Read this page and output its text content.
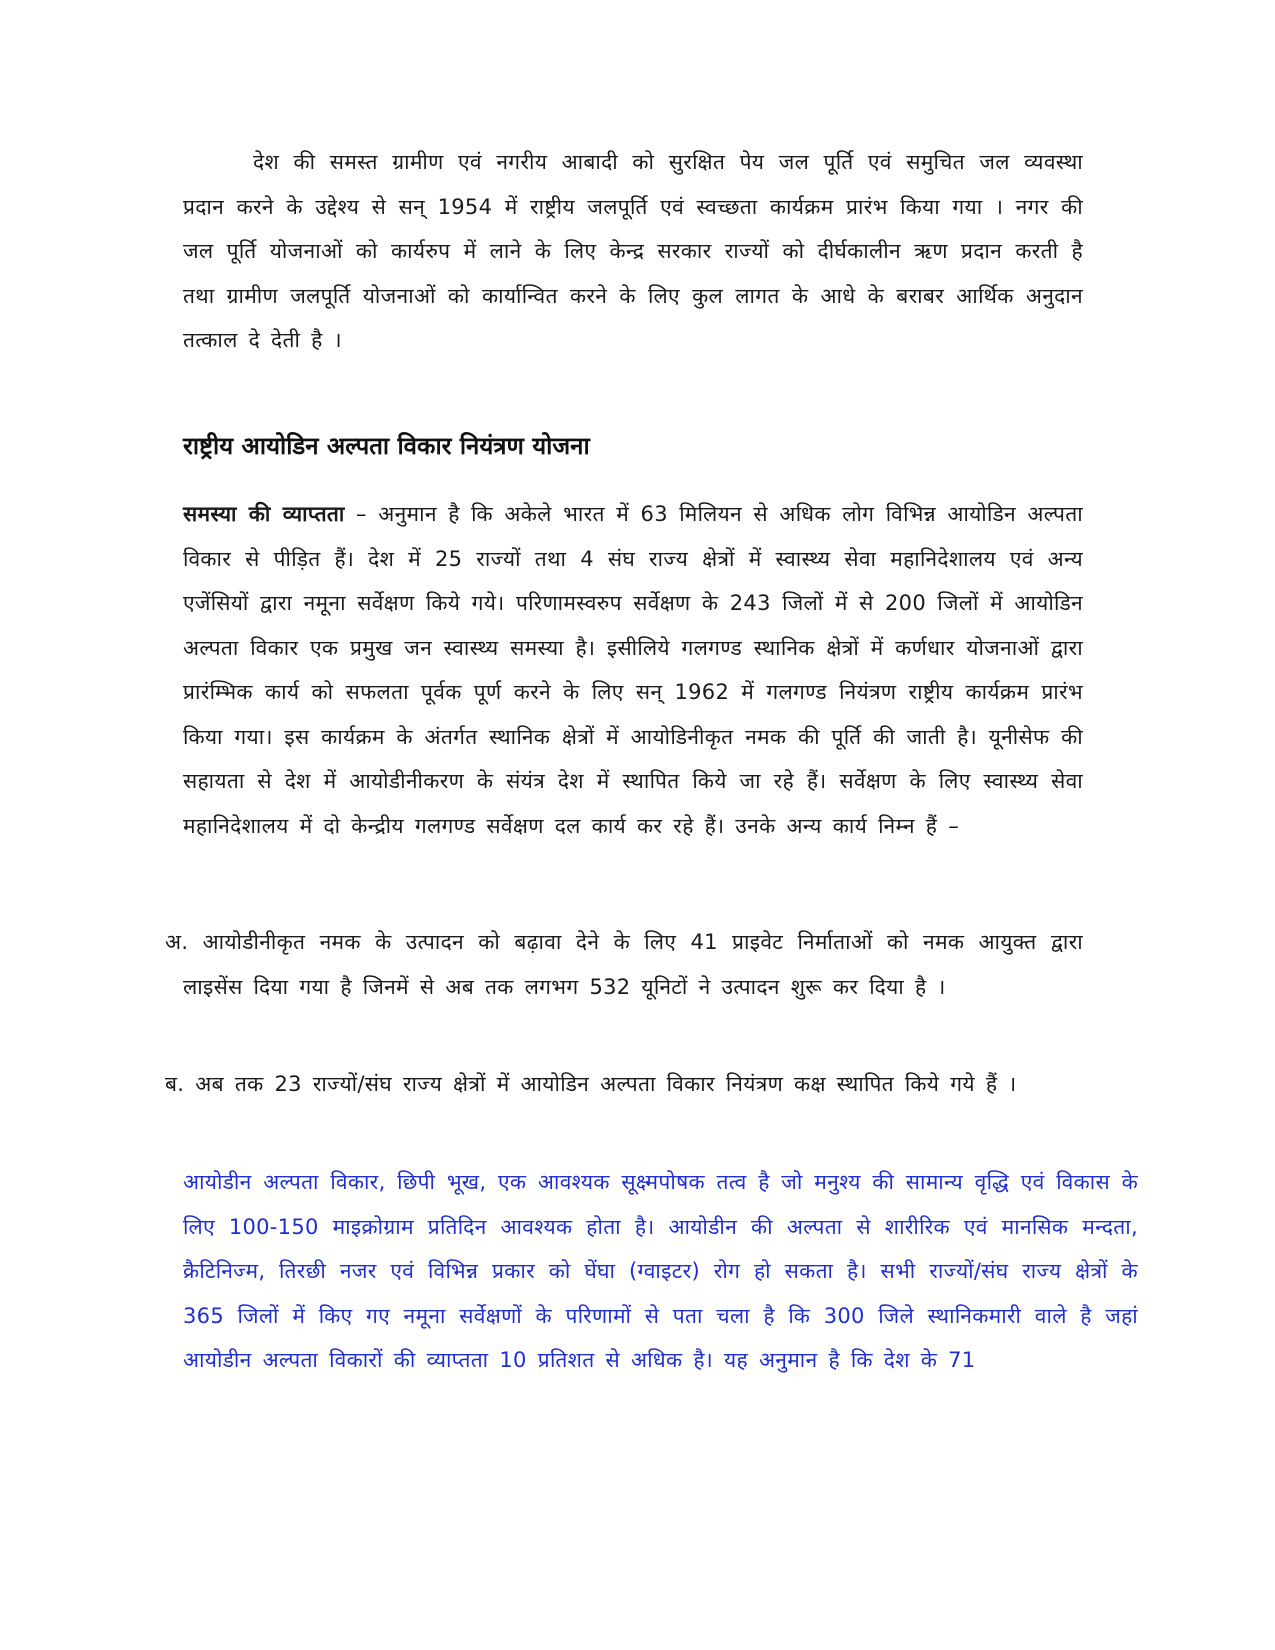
देश की समस्त ग्रामीण एवं नगरीय आबादी को सुरक्षित पेय जल पूर्ति एवं समुचित जल व्यवस्था प्रदान करने के उद्देश्य से सन् 1954 में राष्ट्रीय जलपूर्ति एवं स्वच्छता कार्यक्रम प्रारंभ किया गया । नगर की जल पूर्ति योजनाओं को कार्यरुप में लाने के लिए केन्द्र सरकार राज्यों को दीर्घकालीन ऋण प्रदान करती है तथा ग्रामीण जलपूर्ति योजनाओं को कार्यान्वित करने के लिए कुल लागत के आधे के बराबर आर्थिक अनुदान तत्काल दे देती है ।

राष्ट्रीय आयोडिन अल्पता विकार नियंत्रण योजना

समस्या की व्याप्तता – अनुमान है कि अकेले भारत में 63 मिलियन से अधिक लोग विभिन्न आयोडिन अल्पता विकार से पीड़ित हैं। देश में 25 राज्यों तथा 4 संघ राज्य क्षेत्रों में स्वास्थ्य सेवा महानिदेशालय एवं अन्य एजेंसियों द्वारा नमूना सर्वेक्षण किये गये। परिणामस्वरुप सर्वेक्षण के 243 जिलों में से 200 जिलों में आयोडिन अल्पता विकार एक प्रमुख जन स्वास्थ्य समस्या है। इसीलिये गलगण्ड स्थानिक क्षेत्रों में कर्णधार योजनाओं द्वारा प्रारंम्भिक कार्य को सफलता पूर्वक पूर्ण करने के लिए सन् 1962 में गलगण्ड नियंत्रण राष्ट्रीय कार्यक्रम प्रारंभ किया गया। इस कार्यक्रम के अंतर्गत स्थानिक क्षेत्रों में आयोडिनीकृत नमक की पूर्ति की जाती है। यूनीसेफ की सहायता से देश में आयोडीनीकरण के संयंत्र देश में स्थापित किये जा रहे हैं। सर्वेक्षण के लिए स्वास्थ्य सेवा महानिदेशालय में दो केन्द्रीय गलगण्ड सर्वेक्षण दल कार्य कर रहे हैं। उनके अन्य कार्य निम्न हैं –

अ. आयोडीनीकृत नमक के उत्पादन को बढ़ावा देने के लिए 41 प्राइवेट निर्माताओं को नमक आयुक्त द्वारा लाइसेंस दिया गया है जिनमें से अब तक लगभग 532 यूनिटों ने उत्पादन शुरू कर दिया है ।

ब. अब तक 23 राज्यों/संघ राज्य क्षेत्रों में आयोडिन अल्पता विकार नियंत्रण कक्ष स्थापित किये गये हैं ।

आयोडीन अल्पता विकार, छिपी भूख, एक आवश्यक सूक्ष्मपोषक तत्व है जो मनुश्य की सामान्य वृद्धि एवं विकास के लिए 100-150 माइक्रोग्राम प्रतिदिन आवश्यक होता है। आयोडीन की अल्पता से शारीरिक एवं मानसिक मन्दता, क्रैटिनिज्म, तिरछी नजर एवं विभिन्न प्रकार को घेंघा (ग्वाइटर) रोग हो सकता है। सभी राज्यों/संघ राज्य क्षेत्रों के 365 जिलों में किए गए नमूना सर्वेक्षणों के परिणामों से पता चला है कि 300 जिले स्थानिकमारी वाले है जहां आयोडीन अल्पता विकारों की व्याप्तता 10 प्रतिशत से अधिक है। यह अनुमान है कि देश के 71
